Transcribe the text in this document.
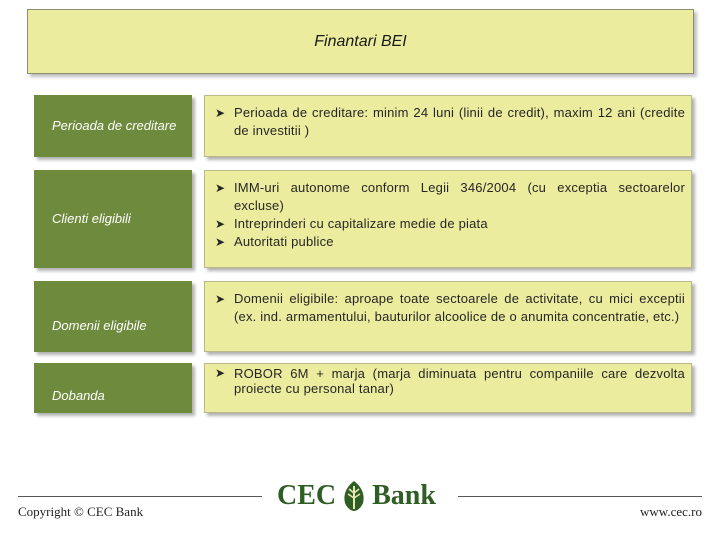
Finantari BEI
Perioada de creditare
➤ Perioada de creditare: minim 24 luni (linii de credit), maxim 12 ani (credite de investitii )
Clienti eligibili
➤ IMM-uri autonome conform Legii 346/2004 (cu exceptia sectoarelor excluse)
➤ Intreprinderi cu capitalizare medie de piata
➤ Autoritati publice
Domenii eligibile
➤ Domenii eligibile: aproape toate sectoarele de activitate, cu mici exceptii (ex. ind. armamentului, bauturilor alcoolice de o anumita concentratie, etc.)
Dobanda
➤ ROBOR 6M + marja (marja diminuata pentru companiile care dezvolta proiecte cu personal tanar)
Copyright © CEC Bank
CEC Bank
www.cec.ro
